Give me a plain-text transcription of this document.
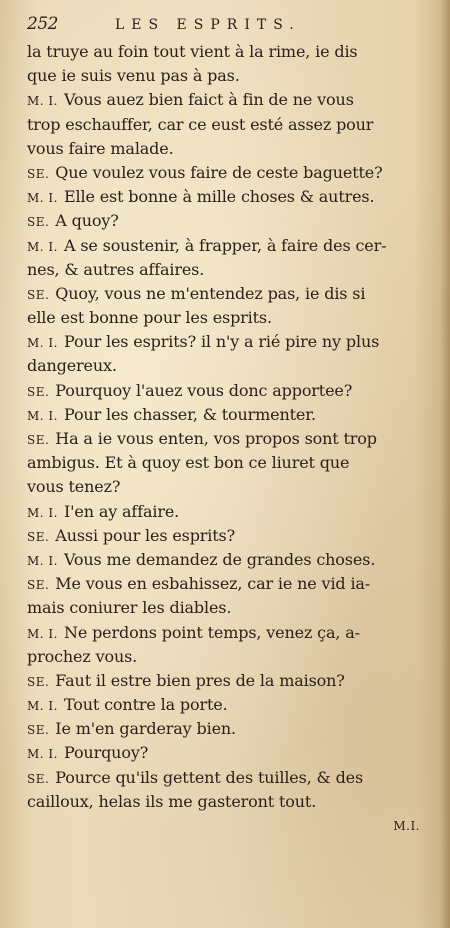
252	LES ESPRITS.
la truye au foin tout vient à la rime, ie dis
que ie suis venu pas à pas.
M. I. Vous auez bien faict à fin de ne vous
trop eschauffer, car ce eust esté assez pour
vous faire malade.
SE. Que voulez vous faire de ceste baguette?
M. I. Elle est bonne à mille choses & autres.
SE. A quoy?
M. I. A se soustenir, à frapper, à faire des cer-
nes, & autres affaires.
SE. Quoy, vous ne m'entendez pas, ie dis si
elle est bonne pour les esprits.
M. I. Pour les esprits? il n'y a rié pire ny plus
dangereux.
SE. Pourquoy l'auez vous donc apportee?
M. I. Pour les chasser, & tourmenter.
SE. Ha a ie vous enten, vos propos sont trop
ambigus. Et à quoy est bon ce liuret que
vous tenez?
M. I. I'en ay affaire.
SE. Aussi pour les esprits?
M. I. Vous me demandez de grandes choses.
SE. Me vous en esbahissez, car ie ne vid ia-
mais coniurer les diables.
M. I. Ne perdons point temps, venez ça, a-
prochez vous.
SE. Faut il estre bien pres de la maison?
M. I. Tout contre la porte.
SE. Ie m'en garderay bien.
M. I. Pourquoy?
SE. Pource qu'ils gettent des tuilles, & des
cailloux, helas ils me gasteront tout.
M.I.
